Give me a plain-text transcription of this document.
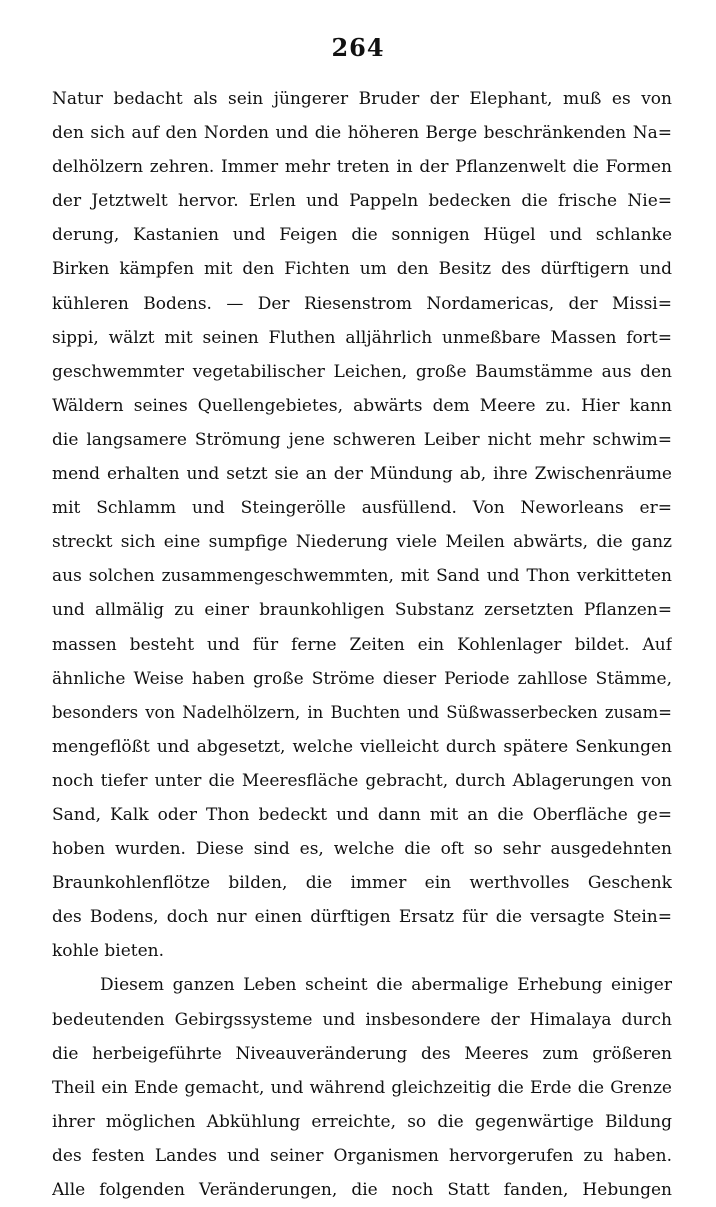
264
Natur bedacht als sein jüngerer Bruder der Elephant, muß es von
den sich auf den Norden und die höheren Berge beschränkenden Na=
delhölzern zehren. Immer mehr treten in der Pflanzenwelt die Formen
der Jetztwelt hervor. Erlen und Pappeln bedecken die frische Nie=
derung, Kastanien und Feigen die sonnigen Hügel und schlanke
Birken kämpfen mit den Fichten um den Besitz des dürftigern und
kühleren Bodens. — Der Riesenstrom Nordamericas, der Missi=
sippi, wälzt mit seinen Fluthen alljährlich unmeßbare Massen fort=
geschwemmter vegetabilischer Leichen, große Baumstämme aus den
Wäldern seines Quellengebietes, abwärts dem Meere zu. Hier kann
die langsamere Strömung jene schweren Leiber nicht mehr schwim=
mend erhalten und setzt sie an der Mündung ab, ihre Zwischenräume
mit Schlamm und Steingerölle ausfüllend. Von Neworleans er=
streckt sich eine sumpfige Niederung viele Meilen abwärts, die ganz
aus solchen zusammengeschwemmten, mit Sand und Thon verkitteten
und allmälig zu einer braunkohligen Substanz zersetzten Pflanzen=
massen besteht und für ferne Zeiten ein Kohlenlager bildet. Auf
ähnliche Weise haben große Ströme dieser Periode zahllose Stämme,
besonders von Nadelhölzern, in Buchten und Süßwasserbecken zusam=
mengeflößt und abgesetzt, welche vielleicht durch spätere Senkungen
noch tiefer unter die Meeresfläche gebracht, durch Ablagerungen von
Sand, Kalk oder Thon bedeckt und dann mit an die Oberfläche ge=
hoben wurden. Diese sind es, welche die oft so sehr ausgedehnten
Braunkohlenflötze bilden, die immer ein werthvolles Geschenk
des Bodens, doch nur einen dürftigen Ersatz für die versagte Stein=
kohle bieten.
Diesem ganzen Leben scheint die abermalige Erhebung einiger
bedeutenden Gebirgssysteme und insbesondere der Himalaya durch
die herbeigeführte Niveauveränderung des Meeres zum größeren
Theil ein Ende gemacht, und während gleichzeitig die Erde die Grenze
ihrer möglichen Abkühlung erreichte, so die gegenwärtige Bildung
des festen Landes und seiner Organismen hervorgerufen zu haben.
Alle folgenden Veränderungen, die noch Statt fanden, Hebungen
